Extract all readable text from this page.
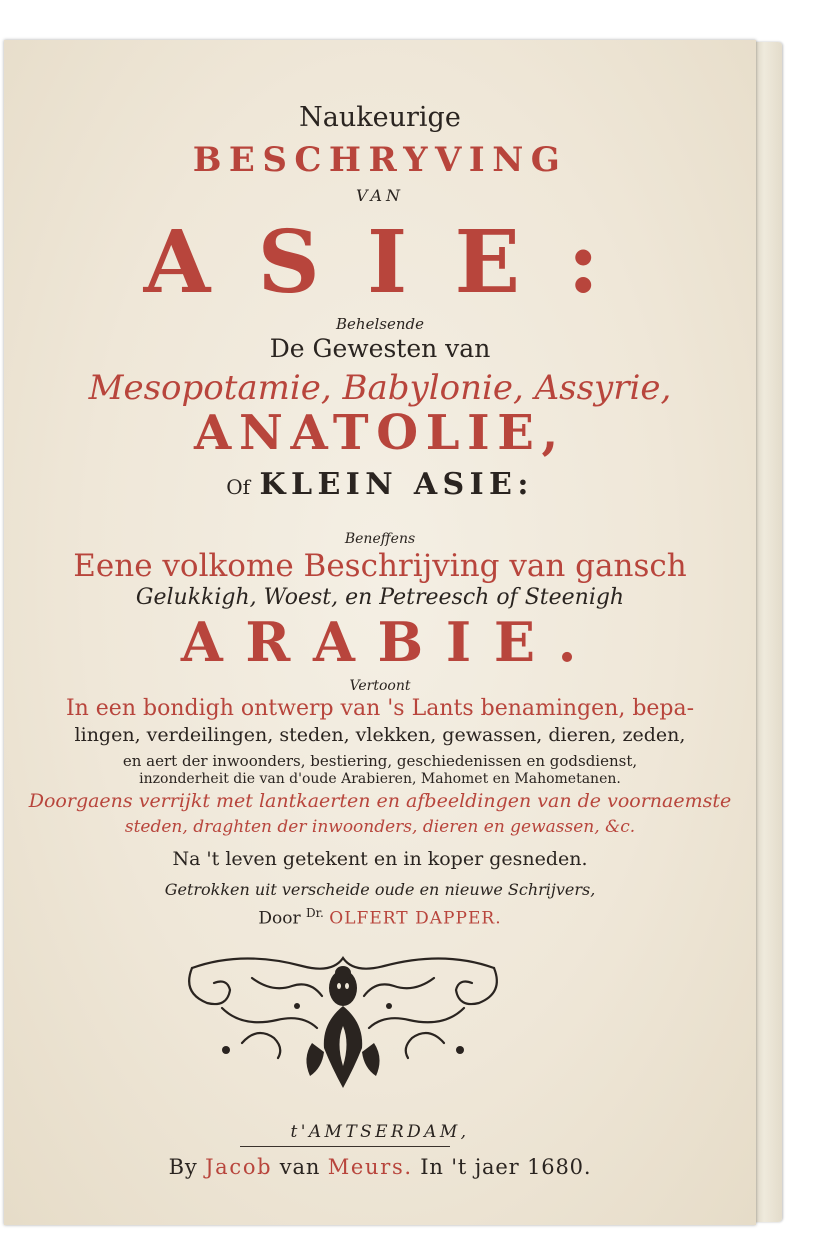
Naukeurige
BESCHRYVING
VAN
ASIE:
Behelsende
De Gewesten van
Mesopotamie, Babylonie, Assyrie,
ANATOLIE,
Of KLEIN ASIE:
Beneffens
Eene volkome Beschrijving van gansch
Gelukkigh, Woest, en Petreesch of Steenigh
ARABIE.
Vertoont
In een bondigh ontwerp van 's Lants benamingen, bepa-
lingen, verdeilingen, steden, vlekken, gewassen, dieren, zeden,
en aert der inwoonders, bestiering, geschiedenissen en godsdienst,
inzonderheit die van d'oude Arabieren, Mahomet en Mahometanen.
Doorgaens verrijkt met lantkaerten en afbeeldingen van de voornaemste
steden, draghten der inwoonders, dieren en gewassen, &c.
Na 't leven getekent en in koper gesneden.
Getrokken uit verscheide oude en nieuwe Schrijvers,
Door $^{Dr.}$ OLFERT DAPPER.
t'AMTSERDAM,
By Jacob van Meurs. In 't jaer 1680.
